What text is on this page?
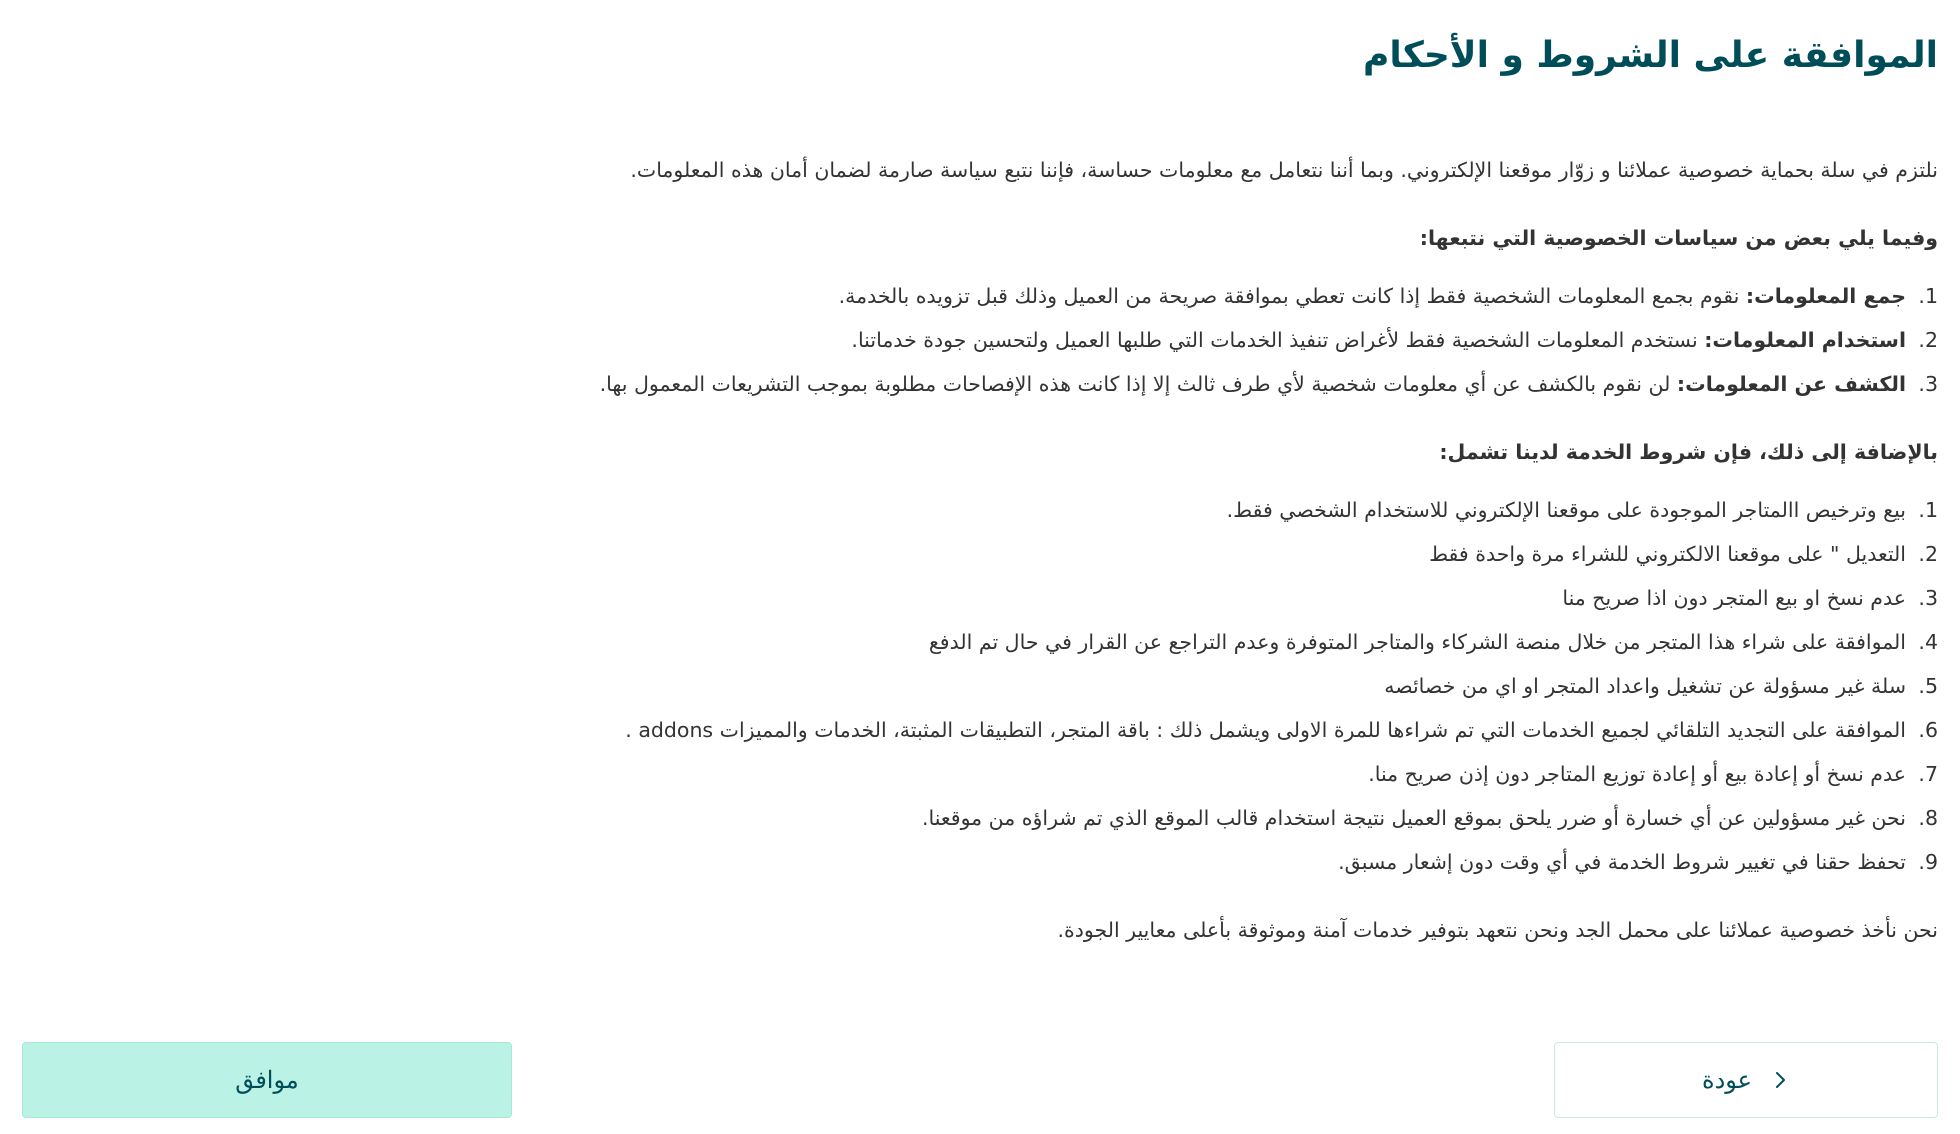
الموافقة على الشروط و الأحكام

نلتزم في سلة بحماية خصوصية عملائنا و زوّار موقعنا الإلكتروني. وبما أننا نتعامل مع معلومات حساسة، فإننا نتبع سياسة صارمة لضمان أمان هذه المعلومات.

وفيما يلي بعض من سياسات الخصوصية التي نتبعها:

1.
جمع المعلومات: نقوم بجمع المعلومات الشخصية فقط إذا كانت تعطي بموافقة صريحة من العميل وذلك قبل تزويده بالخدمة.
2.
استخدام المعلومات: نستخدم المعلومات الشخصية فقط لأغراض تنفيذ الخدمات التي طلبها العميل ولتحسين جودة خدماتنا.
3.
الكشف عن المعلومات: لن نقوم بالكشف عن أي معلومات شخصية لأي طرف ثالث إلا إذا كانت هذه الإفصاحات مطلوبة بموجب التشريعات المعمول بها.

بالإضافة إلى ذلك، فإن شروط الخدمة لدينا تشمل:

1.
بيع وترخيص االمتاجر الموجودة على موقعنا الإلكتروني للاستخدام الشخصي فقط.
2.
التعديل " على موقعنا الالكتروني للشراء مرة واحدة فقط
3.
عدم نسخ او بيع المتجر دون اذا صريح منا
4.
الموافقة على شراء هذا المتجر من خلال منصة الشركاء والمتاجر المتوفرة وعدم التراجع عن القرار في حال تم الدفع
5.
سلة غير مسؤولة عن تشغيل واعداد المتجر او اي من خصائصه
6.
الموافقة على التجديد التلقائي لجميع الخدمات التي تم شراءها للمرة الاولى ويشمل ذلك : باقة المتجر، التطبيقات المثبتة، الخدمات والمميزات addons .
7.
عدم نسخ أو إعادة بيع أو إعادة توزيع المتاجر دون إذن صريح منا.
8.
نحن غير مسؤولين عن أي خسارة أو ضرر يلحق بموقع العميل نتيجة استخدام قالب الموقع الذي تم شراؤه من موقعنا.
9.
تحفظ حقنا في تغيير شروط الخدمة في أي وقت دون إشعار مسبق.

نحن نأخذ خصوصية عملائنا على محمل الجد ونحن نتعهد بتوفير خدمات آمنة وموثوقة بأعلى معايير الجودة.

عودة
موافق
